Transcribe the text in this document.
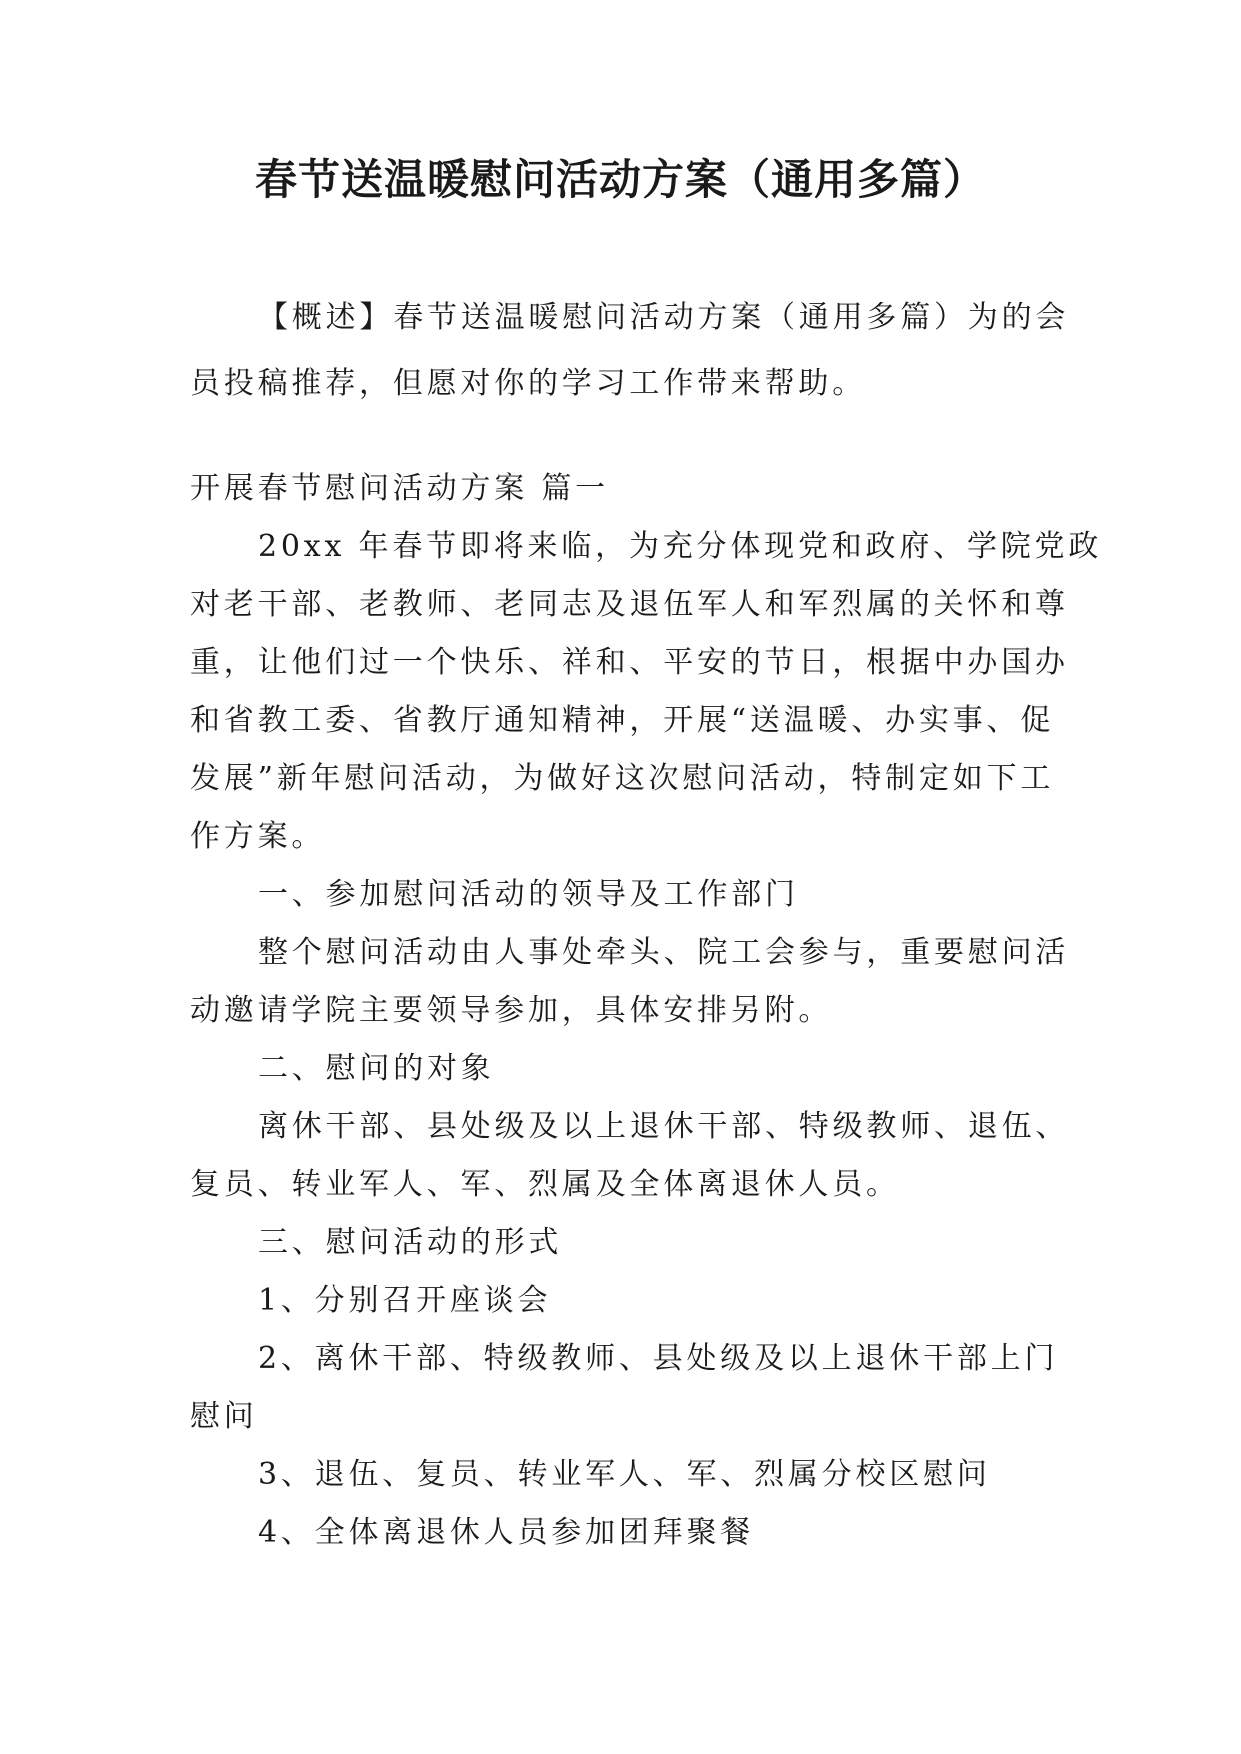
春节送温暖慰问活动方案（通用多篇）

【概述】春节送温暖慰问活动方案（通用多篇）为的会
员投稿推荐，但愿对你的学习工作带来帮助。

开展春节慰问活动方案 篇一

20xx 年春节即将来临，为充分体现党和政府、学院党政
对老干部、老教师、老同志及退伍军人和军烈属的关怀和尊
重，让他们过一个快乐、祥和、平安的节日，根据中办国办
和省教工委、省教厅通知精神，开展“送温暖、办实事、促
发展”新年慰问活动，为做好这次慰问活动，特制定如下工
作方案。

一、参加慰问活动的领导及工作部门

整个慰问活动由人事处牵头、院工会参与，重要慰问活
动邀请学院主要领导参加，具体安排另附。

二、慰问的对象

离休干部、县处级及以上退休干部、特级教师、退伍、
复员、转业军人、军、烈属及全体离退休人员。

三、慰问活动的形式

1、分别召开座谈会

2、离休干部、特级教师、县处级及以上退休干部上门
慰问

3、退伍、复员、转业军人、军、烈属分校区慰问

4、全体离退休人员参加团拜聚餐
